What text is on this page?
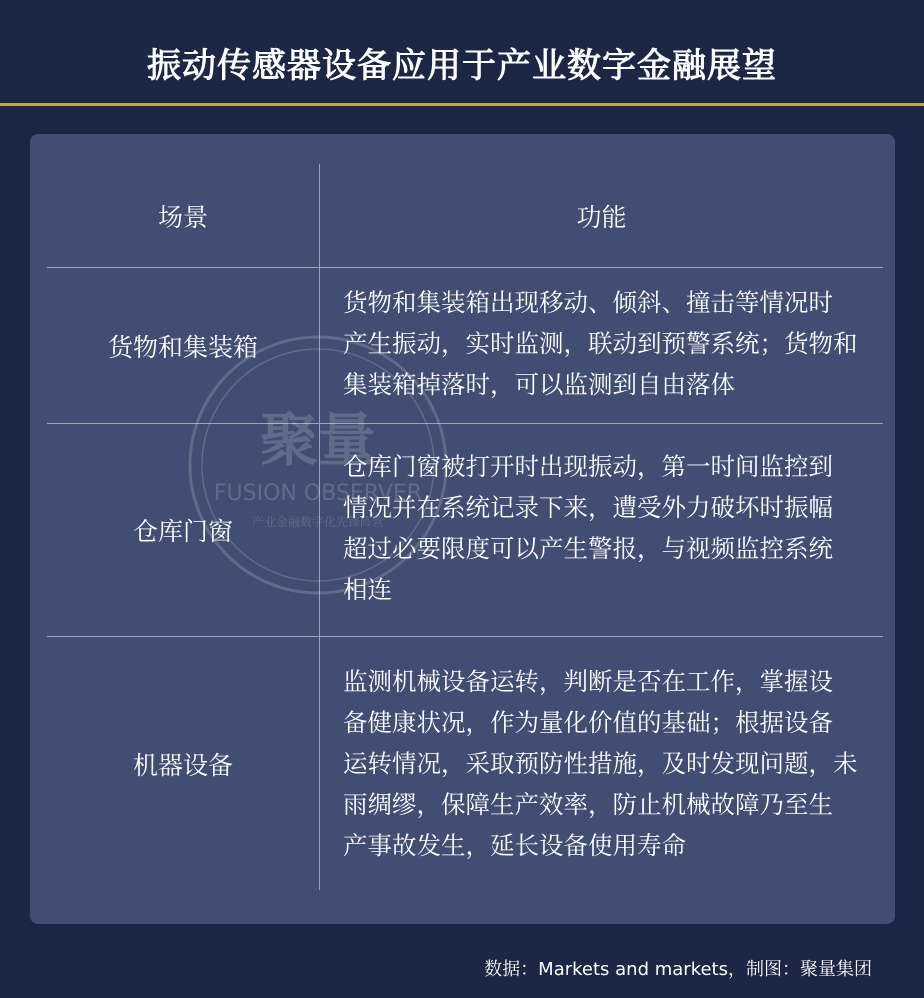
振动传感器设备应用于产业数字金融展望
场景	功能
货物和集装箱
货物和集装箱出现移动、倾斜、撞击等情况时
产生振动，实时监测，联动到预警系统；货物和
集装箱掉落时，可以监测到自由落体
仓库门窗
仓库门窗被打开时出现振动，第一时间监控到
情况并在系统记录下来，遭受外力破坏时振幅
超过必要限度可以产生警报，与视频监控系统
相连
机器设备
监测机械设备运转，判断是否在工作，掌握设
备健康状况，作为量化价值的基础；根据设备
运转情况，采取预防性措施，及时发现问题，未
雨绸缪，保障生产效率，防止机械故障乃至生
产事故发生，延长设备使用寿命
数据：Markets and markets，制图：聚量集团
